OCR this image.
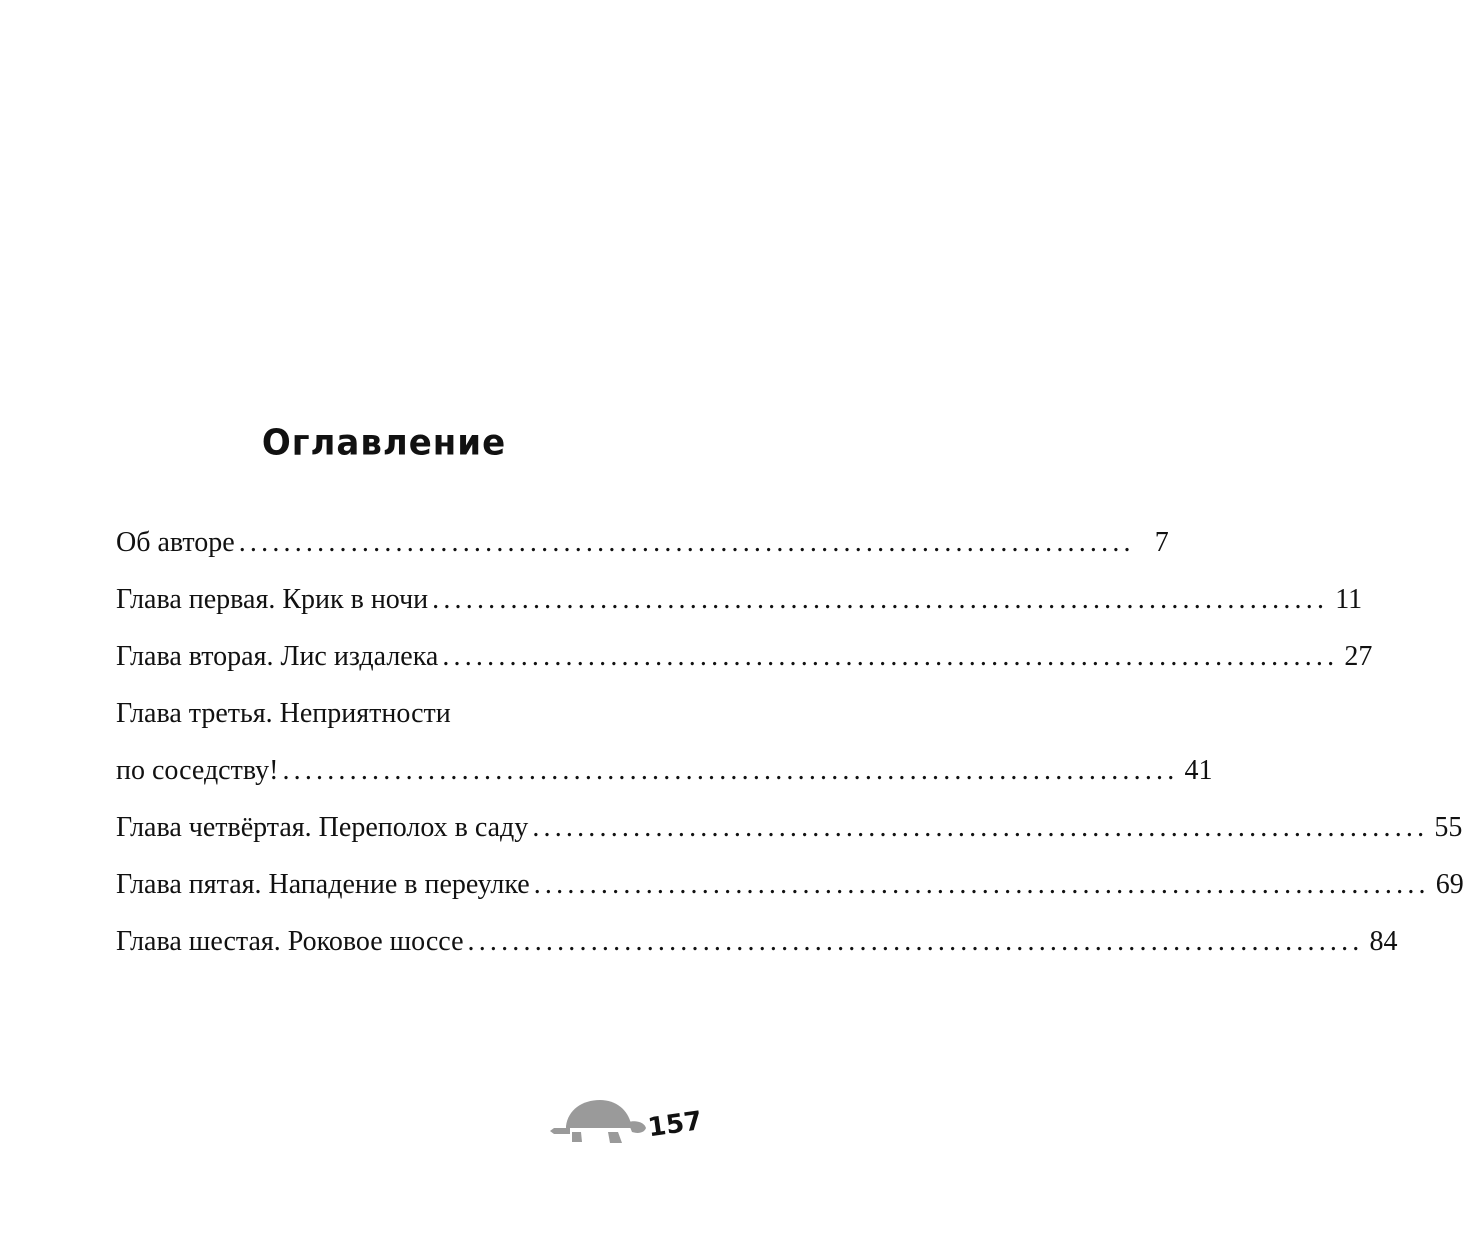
Оглавление
Об авторе ................................................................................ 7
Глава первая. Крик в ночи ................................................................................ 11
Глава вторая. Лис издалека ................................................................................ 27
Глава третья. Неприятности
по соседству! ................................................................................ 41
Глава четвёртая. Переполох в саду ................................................................................ 55
Глава пятая. Нападение в переулке ................................................................................ 69
Глава шестая. Роковое шоссе ................................................................................ 84
157
